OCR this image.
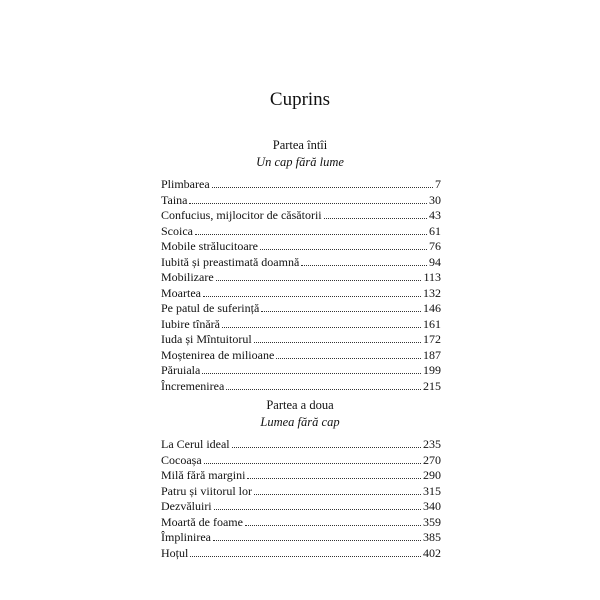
Cuprins
Partea întîi
Un cap fără lume
Plimbarea	7
Taina	30
Confucius, mijlocitor de căsătorii	43
Scoica	61
Mobile strălucitoare	76
Iubită și preastimată doamnă	94
Mobilizare	113
Moartea	132
Pe patul de suferință	146
Iubire tînără	161
Iuda și Mîntuitorul	172
Moștenirea de milioane	187
Păruiala	199
Încremenirea	215
Partea a doua
Lumea fără cap
La Cerul ideal	235
Cocoașa	270
Milă fără margini	290
Patru și viitorul lor	315
Dezvăluiri	340
Moartă de foame	359
Împlinirea	385
Hoțul	402
